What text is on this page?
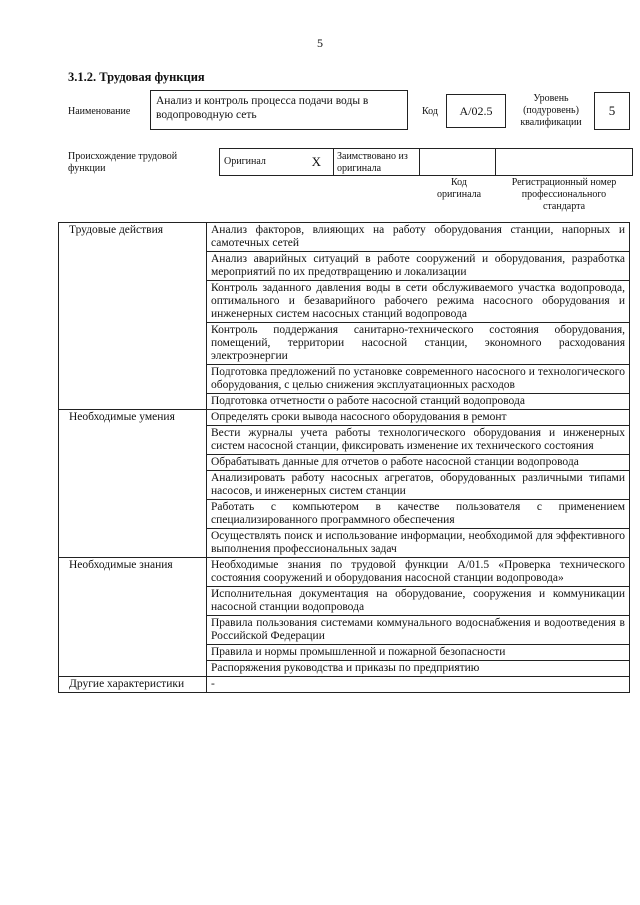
5
3.1.2. Трудовая функция
Наименование
Анализ и контроль процесса подачи воды в водопроводную сеть	Код	А/02.5
Уровень (подуровень) квалификации
5
Происхождение трудовой функции
Оригинал	X	Заимствовано из оригинала
Код оригинала
Регистрационный номер профессионального стандарта
Трудовые действия	Анализ факторов, влияющих на работу оборудования станции, напорных и самотечных сетей
	Анализ аварийных ситуаций в работе сооружений и оборудования, разработка мероприятий по их предотвращению и локализации
	Контроль заданного давления воды в сети обслуживаемого участка водопровода, оптимального и безаварийного рабочего режима насосного оборудования и инженерных систем насосных станций водопровода
	Контроль поддержания санитарно-технического состояния оборудования, помещений, территории насосной станции, экономного расходования электроэнергии
	Подготовка предложений по установке современного насосного и технологического оборудования, с целью снижения эксплуатационных расходов
	Подготовка отчетности о работе насосной станций водопровода
Необходимые умения	Определять сроки вывода насосного оборудования в ремонт
	Вести журналы учета работы технологического оборудования и инженерных систем насосной станции, фиксировать изменение их технического состояния
	Обрабатывать данные для отчетов о работе насосной станции водопровода
	Анализировать работу насосных агрегатов, оборудованных различными типами насосов, и инженерных систем станции
	Работать с компьютером в качестве пользователя с применением специализированного программного обеспечения
	Осуществлять поиск и использование информации, необходимой для эффективного выполнения профессиональных задач
Необходимые знания	Необходимые знания по трудовой функции А/01.5 «Проверка технического состояния сооружений и оборудования насосной станции водопровода»
	Исполнительная документация на оборудование, сооружения и коммуникации насосной станции водопровода
	Правила пользования системами коммунального водоснабжения и водоотведения в Российской Федерации
	Правила и нормы промышленной и пожарной безопасности
	Распоряжения руководства и приказы по предприятию
Другие характеристики	-
